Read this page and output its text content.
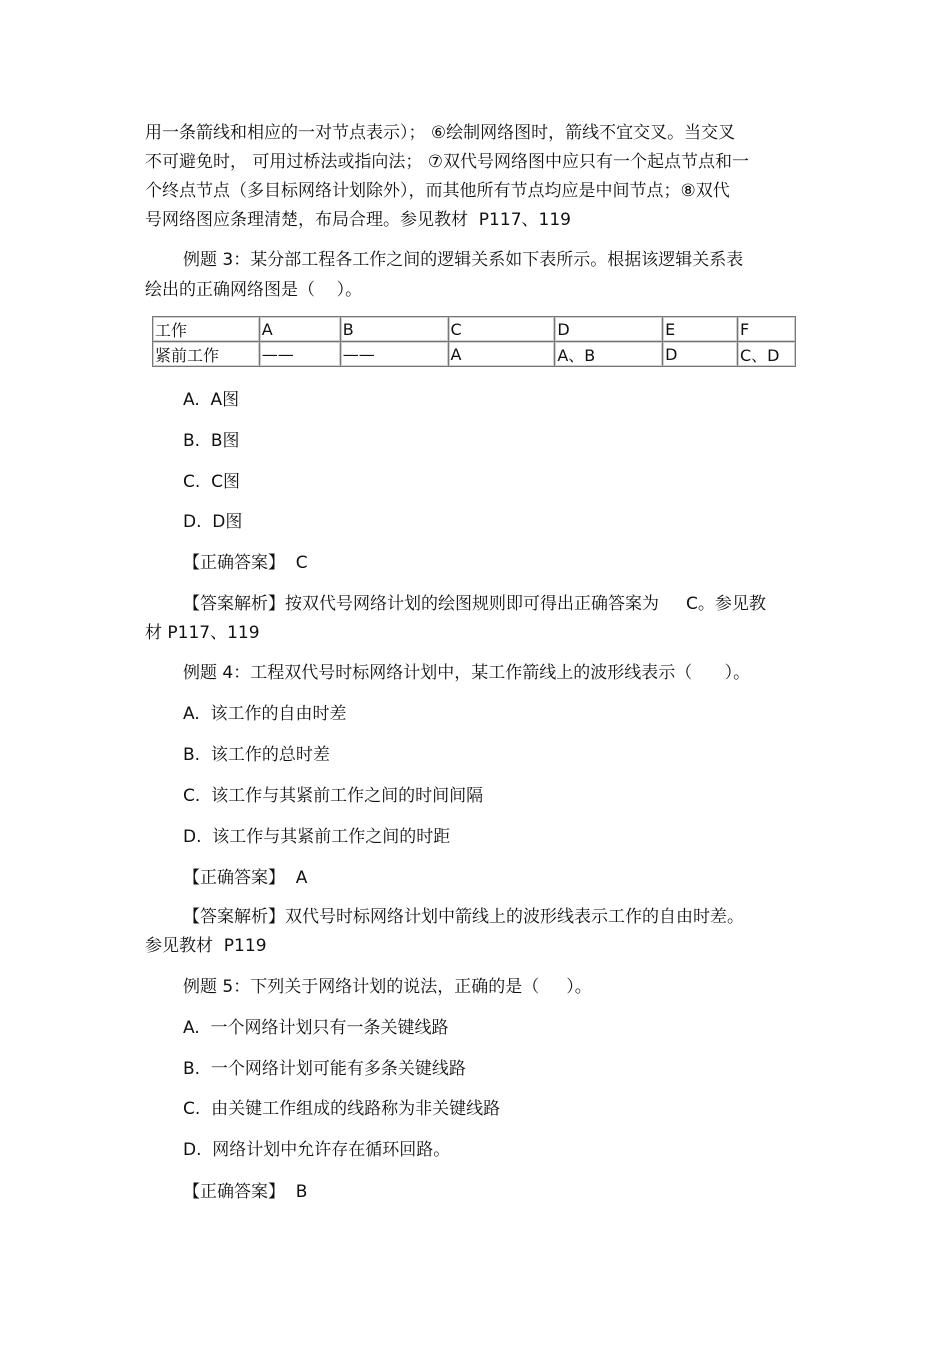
用一条箭线和相应的一对节点表示）； ⑥绘制网络图时，箭线不宜交叉。当交叉
不可避免时， 可用过桥法或指向法； ⑦双代号网络图中应只有一个起点节点和一
个终点节点（多目标网络计划除外），而其他所有节点均应是中间节点；⑧双代
号网络图应条理清楚，布局合理。参见教材  P117、119
例题 3：某分部工程各工作之间的逻辑关系如下表所示。根据该逻辑关系表
绘出的正确网络图是（    ）。
工作	A	B	C	D	E	F
紧前工作	——	——	A	A、B	D	C、D
A.  A图
B.  B图
C.  C图
D.  D图
【正确答案】  C
【答案解析】按双代号网络计划的绘图规则即可得出正确答案为     C。参见教
材 P117、119
例题 4：工程双代号时标网络计划中，某工作箭线上的波形线表示（      ）。
A.  该工作的自由时差
B.  该工作的总时差
C.  该工作与其紧前工作之间的时间间隔
D.  该工作与其紧前工作之间的时距
【正确答案】  A
【答案解析】双代号时标网络计划中箭线上的波形线表示工作的自由时差。
参见教材  P119
例题 5：下列关于网络计划的说法，正确的是（     ）。
A.  一个网络计划只有一条关键线路
B.  一个网络计划可能有多条关键线路
C.  由关键工作组成的线路称为非关键线路
D.  网络计划中允许存在循环回路。
【正确答案】  B
